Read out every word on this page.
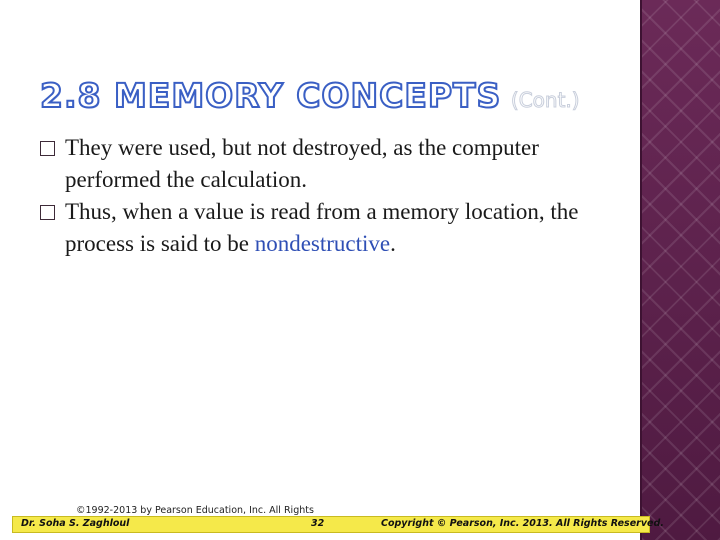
2.8 MEMORY CONCEPTS (Cont.)
They were used, but not destroyed, as the computer performed the calculation.
Thus, when a value is read from a memory location, the process is said to be nondestructive.
©1992-2013 by Pearson Education, Inc. All Rights
Dr. Soha S. Zaghloul	32	Copyright © Pearson, Inc. 2013. All Rights Reserved.
